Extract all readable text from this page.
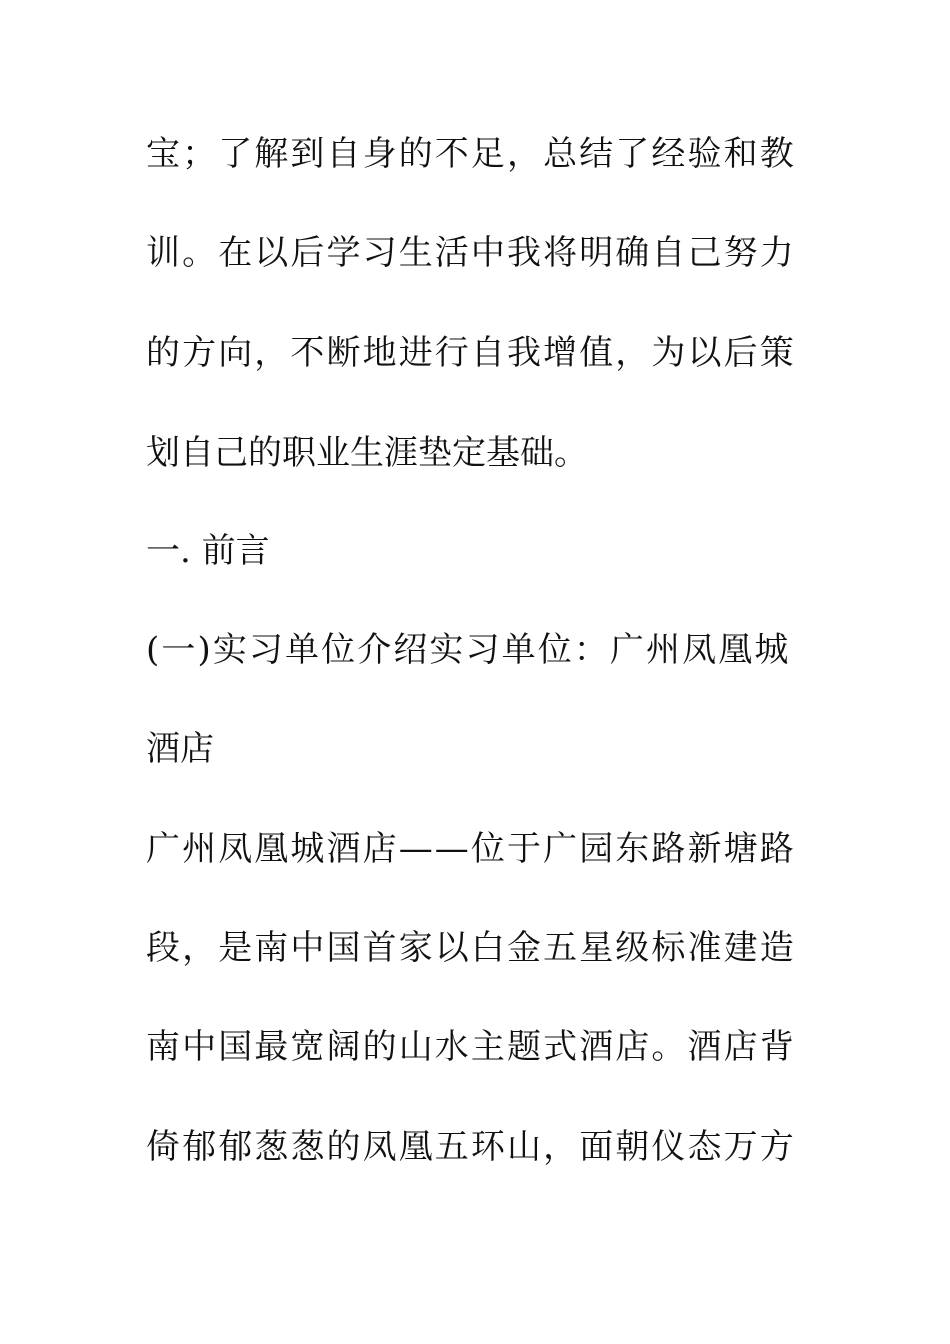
宝；了解到自身的不足，总结了经验和教
训。在以后学习生活中我将明确自己努力
的方向，不断地进行自我增值，为以后策
划自己的职业生涯垫定基础。
一. 前言
(一)实习单位介绍实习单位：广州凤凰城
酒店
广州凤凰城酒店——位于广园东路新塘路
段，是南中国首家以白金五星级标准建造
南中国最宽阔的山水主题式酒店。酒店背
倚郁郁葱葱的凤凰五环山，面朝仪态万方
